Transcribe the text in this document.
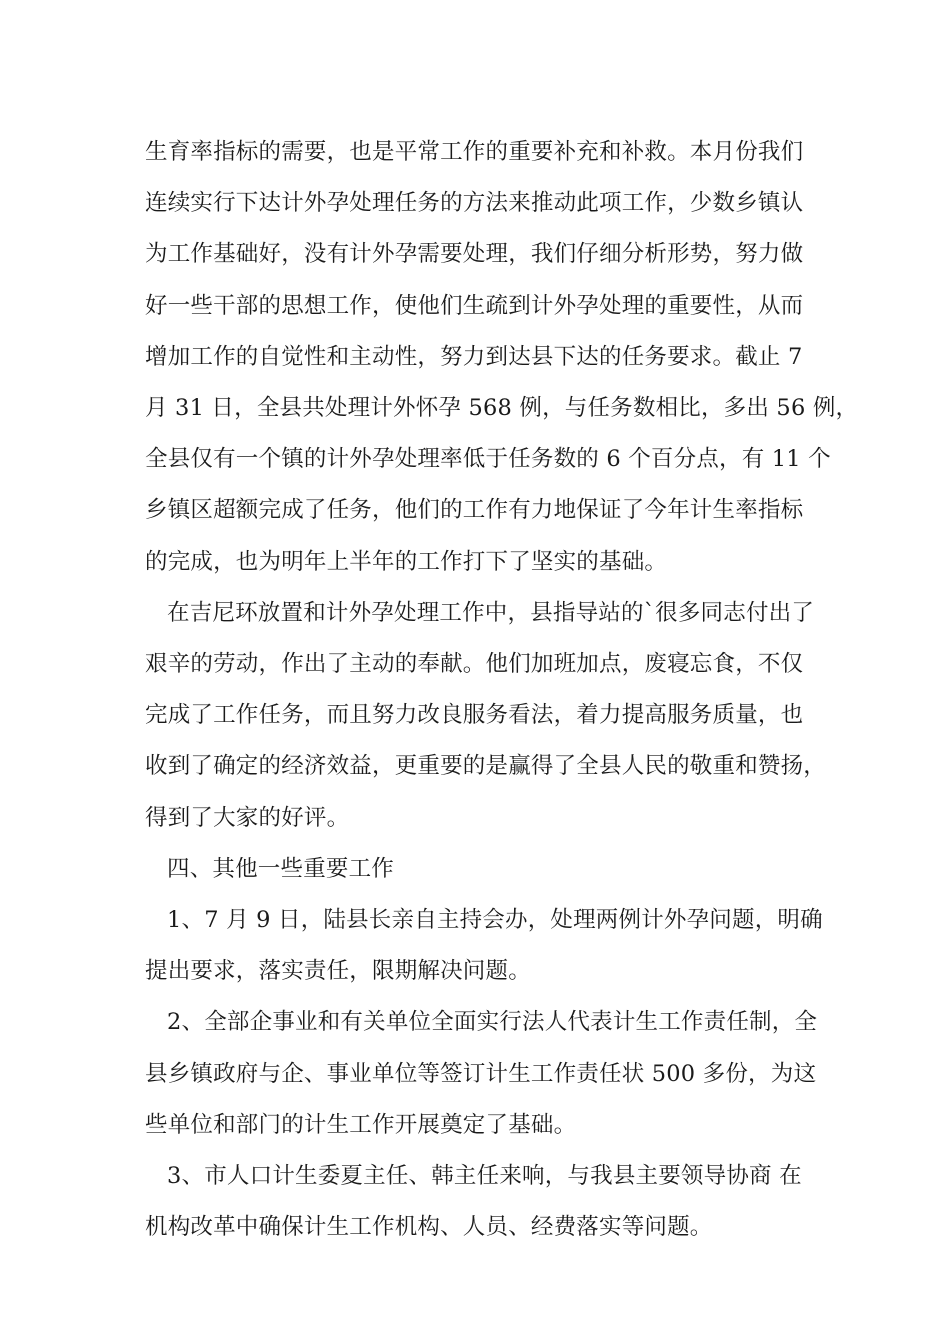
生育率指标的需要，也是平常工作的重要补充和补救。本月份我们
连续实行下达计外孕处理任务的方法来推动此项工作，少数乡镇认
为工作基础好，没有计外孕需要处理，我们仔细分析形势，努力做
好一些干部的思想工作，使他们生疏到计外孕处理的重要性，从而
增加工作的自觉性和主动性，努力到达县下达的任务要求。截止 7
月 31 日，全县共处理计外怀孕 568 例，与任务数相比，多出 56 例，
全县仅有一个镇的计外孕处理率低于任务数的 6 个百分点，有 11 个
乡镇区超额完成了任务，他们的工作有力地保证了今年计生率指标
的完成，也为明年上半年的工作打下了坚实的基础。

在吉尼环放置和计外孕处理工作中，县指导站的`很多同志付出了
艰辛的劳动，作出了主动的奉献。他们加班加点，废寝忘食，不仅
完成了工作任务，而且努力改良服务看法，着力提高服务质量，也
收到了确定的经济效益，更重要的是赢得了全县人民的敬重和赞扬，
得到了大家的好评。

四、其他一些重要工作

1、7 月 9 日，陆县长亲自主持会办，处理两例计外孕问题，明确
提出要求，落实责任，限期解决问题。

2、全部企事业和有关单位全面实行法人代表计生工作责任制，全
县乡镇政府与企、事业单位等签订计生工作责任状 500 多份，为这
些单位和部门的计生工作开展奠定了基础。

3、市人口计生委夏主任、韩主任来响，与我县主要领导协商 在
机构改革中确保计生工作机构、人员、经费落实等问题。
